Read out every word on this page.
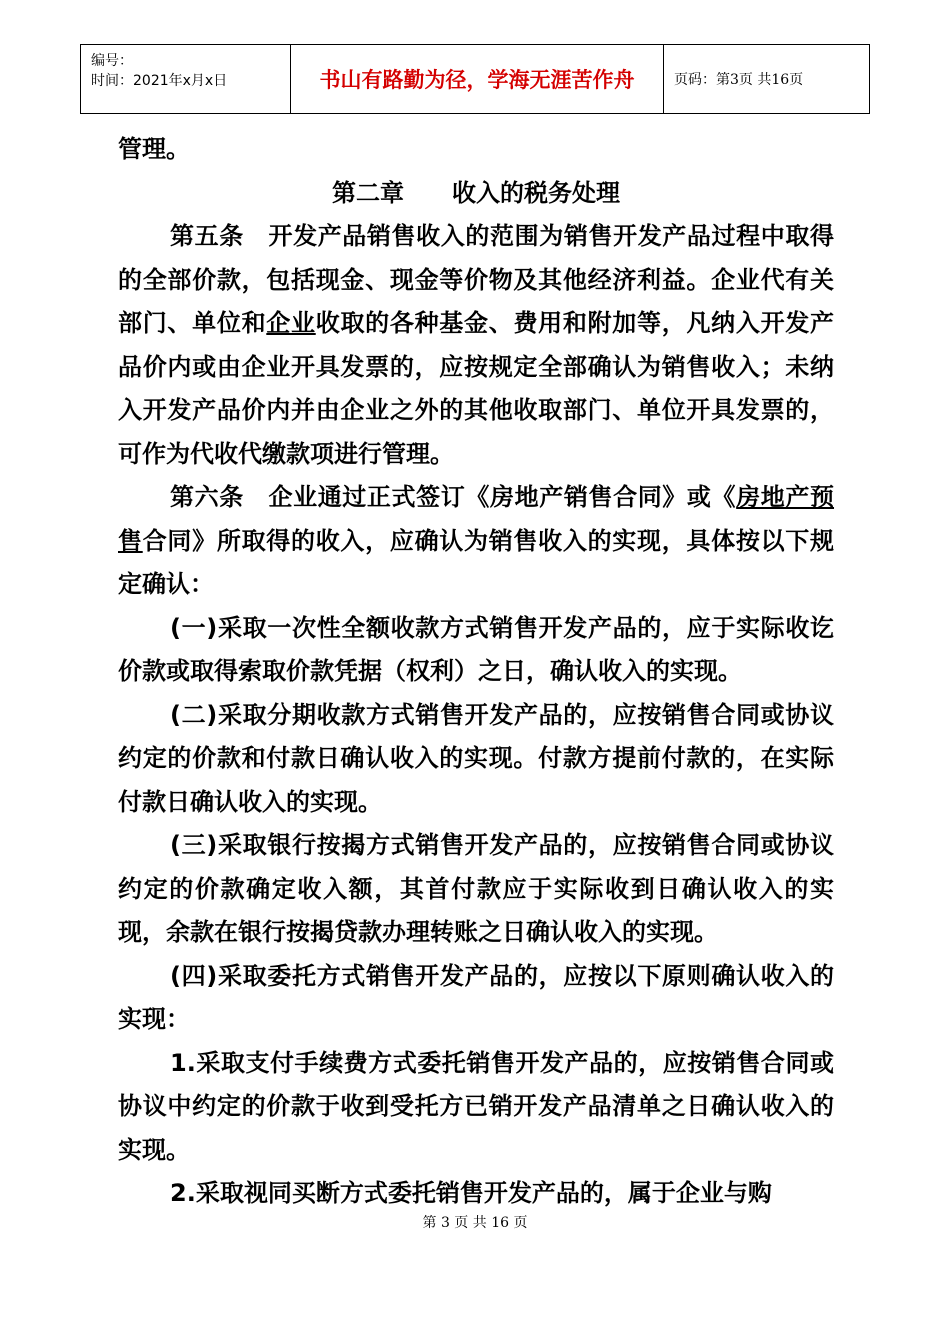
编号：
时间：2021年x月x日	书山有路勤为径，学海无涯苦作舟	页码：第3页 共16页

管理。

第二章　　收入的税务处理

第五条　开发产品销售收入的范围为销售开发产品过程中取得的全部价款，包括现金、现金等价物及其他经济利益。企业代有关部门、单位和企业收取的各种基金、费用和附加等，凡纳入开发产品价内或由企业开具发票的，应按规定全部确认为销售收入；未纳入开发产品价内并由企业之外的其他收取部门、单位开具发票的，可作为代收代缴款项进行管理。

第六条　企业通过正式签订《房地产销售合同》或《房地产预售合同》所取得的收入，应确认为销售收入的实现，具体按以下规定确认：

(一)采取一次性全额收款方式销售开发产品的，应于实际收讫价款或取得索取价款凭据（权利）之日，确认收入的实现。

(二)采取分期收款方式销售开发产品的，应按销售合同或协议约定的价款和付款日确认收入的实现。付款方提前付款的，在实际付款日确认收入的实现。

(三)采取银行按揭方式销售开发产品的，应按销售合同或协议约定的价款确定收入额，其首付款应于实际收到日确认收入的实现，余款在银行按揭贷款办理转账之日确认收入的实现。

(四)采取委托方式销售开发产品的，应按以下原则确认收入的实现：

1.采取支付手续费方式委托销售开发产品的，应按销售合同或协议中约定的价款于收到受托方已销开发产品清单之日确认收入的实现。

2.采取视同买断方式委托销售开发产品的，属于企业与购

第 3 页 共 16 页
